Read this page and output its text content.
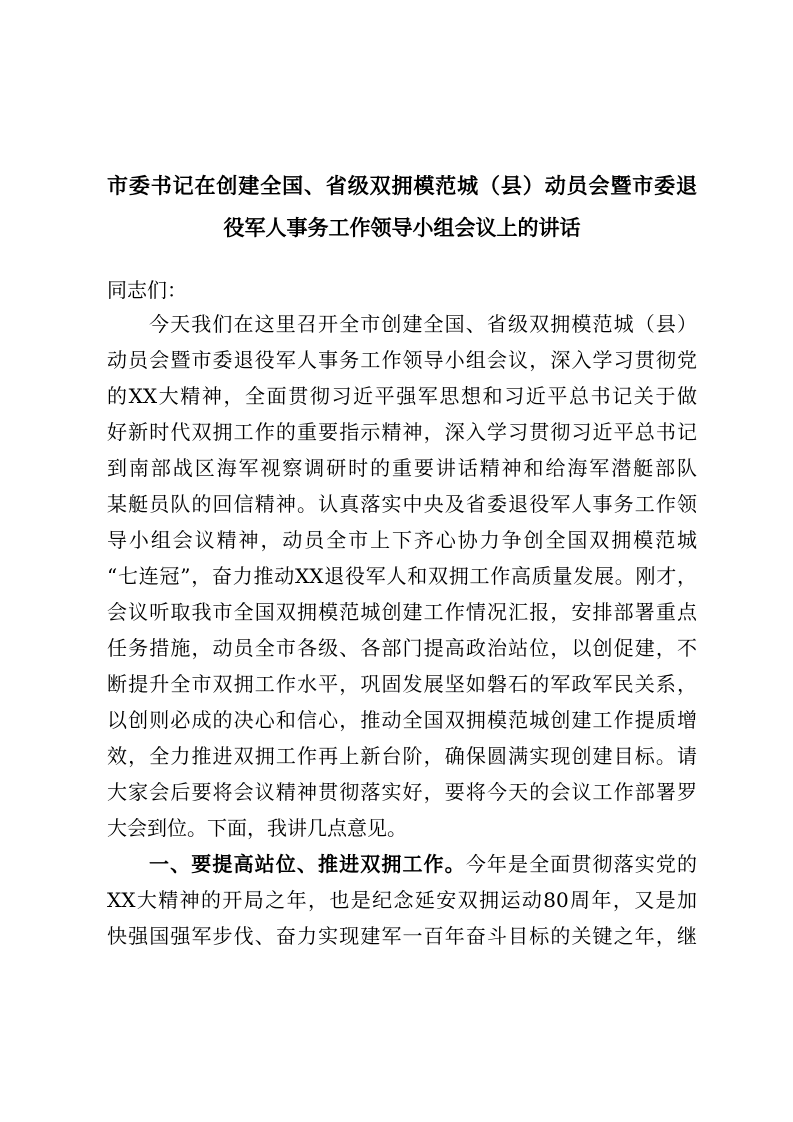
市委书记在创建全国、省级双拥模范城（县）动员会暨市委退
役军人事务工作领导小组会议上的讲话
同志们：
今天我们在这里召开全市创建全国、省级双拥模范城（县）
动员会暨市委退役军人事务工作领导小组会议，深入学习贯彻党
的XX大精神，全面贯彻习近平强军思想和习近平总书记关于做
好新时代双拥工作的重要指示精神，深入学习贯彻习近平总书记
到南部战区海军视察调研时的重要讲话精神和给海军潜艇部队
某艇员队的回信精神。认真落实中央及省委退役军人事务工作领
导小组会议精神，动员全市上下齐心协力争创全国双拥模范城
“七连冠”，奋力推动XX退役军人和双拥工作高质量发展。刚才，
会议听取我市全国双拥模范城创建工作情况汇报，安排部署重点
任务措施，动员全市各级、各部门提高政治站位，以创促建，不
断提升全市双拥工作水平，巩固发展坚如磐石的军政军民关系，
以创则必成的决心和信心，推动全国双拥模范城创建工作提质增
效，全力推进双拥工作再上新台阶，确保圆满实现创建目标。请
大家会后要将会议精神贯彻落实好，要将今天的会议工作部署罗
大会到位。下面，我讲几点意见。
一、要提高站位、推进双拥工作。今年是全面贯彻落实党的
XX大精神的开局之年，也是纪念延安双拥运动80周年，又是加
快强国强军步伐、奋力实现建军一百年奋斗目标的关键之年，继
